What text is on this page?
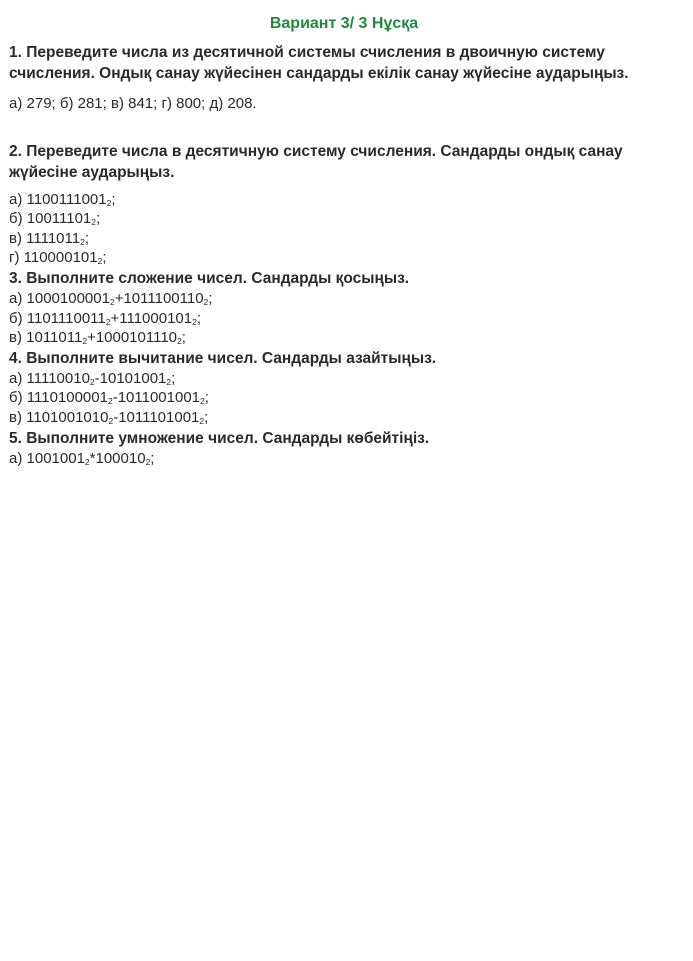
Вариант 3/ 3 Нұсқа
1. Переведите числа из десятичной системы счисления в двоичную систему счисления. Ондық санау жүйесінен сандарды екілік санау жүйесіне аударыңыз.
а) 279; б) 281; в) 841; г) 800; д) 208.
2. Переведите числа в десятичную систему счисления. Сандарды ондық санау жүйесіне аударыңыз.
а) $1100111001_2$;
б) $10011101_2$;
в) $1111011_2$;
г) $110000101_2$;
3. Выполните сложение чисел. Сандарды қосыңыз.
а) $1000100001_2+1011100110_2$;
б) $1101110011_2+111000101_2$;
в) $1011011_2+1000101110_2$;
4. Выполните вычитание чисел. Сандарды азайтыңыз.
а) $11110010_2-10101001_2$;
б) $1110100001_2-1011001001_2$;
в) $1101001010_2-1011101001_2$;
5. Выполните умножение чисел. Сандарды көбейтіңіз.
а) $1001001_2*100010_2$;
